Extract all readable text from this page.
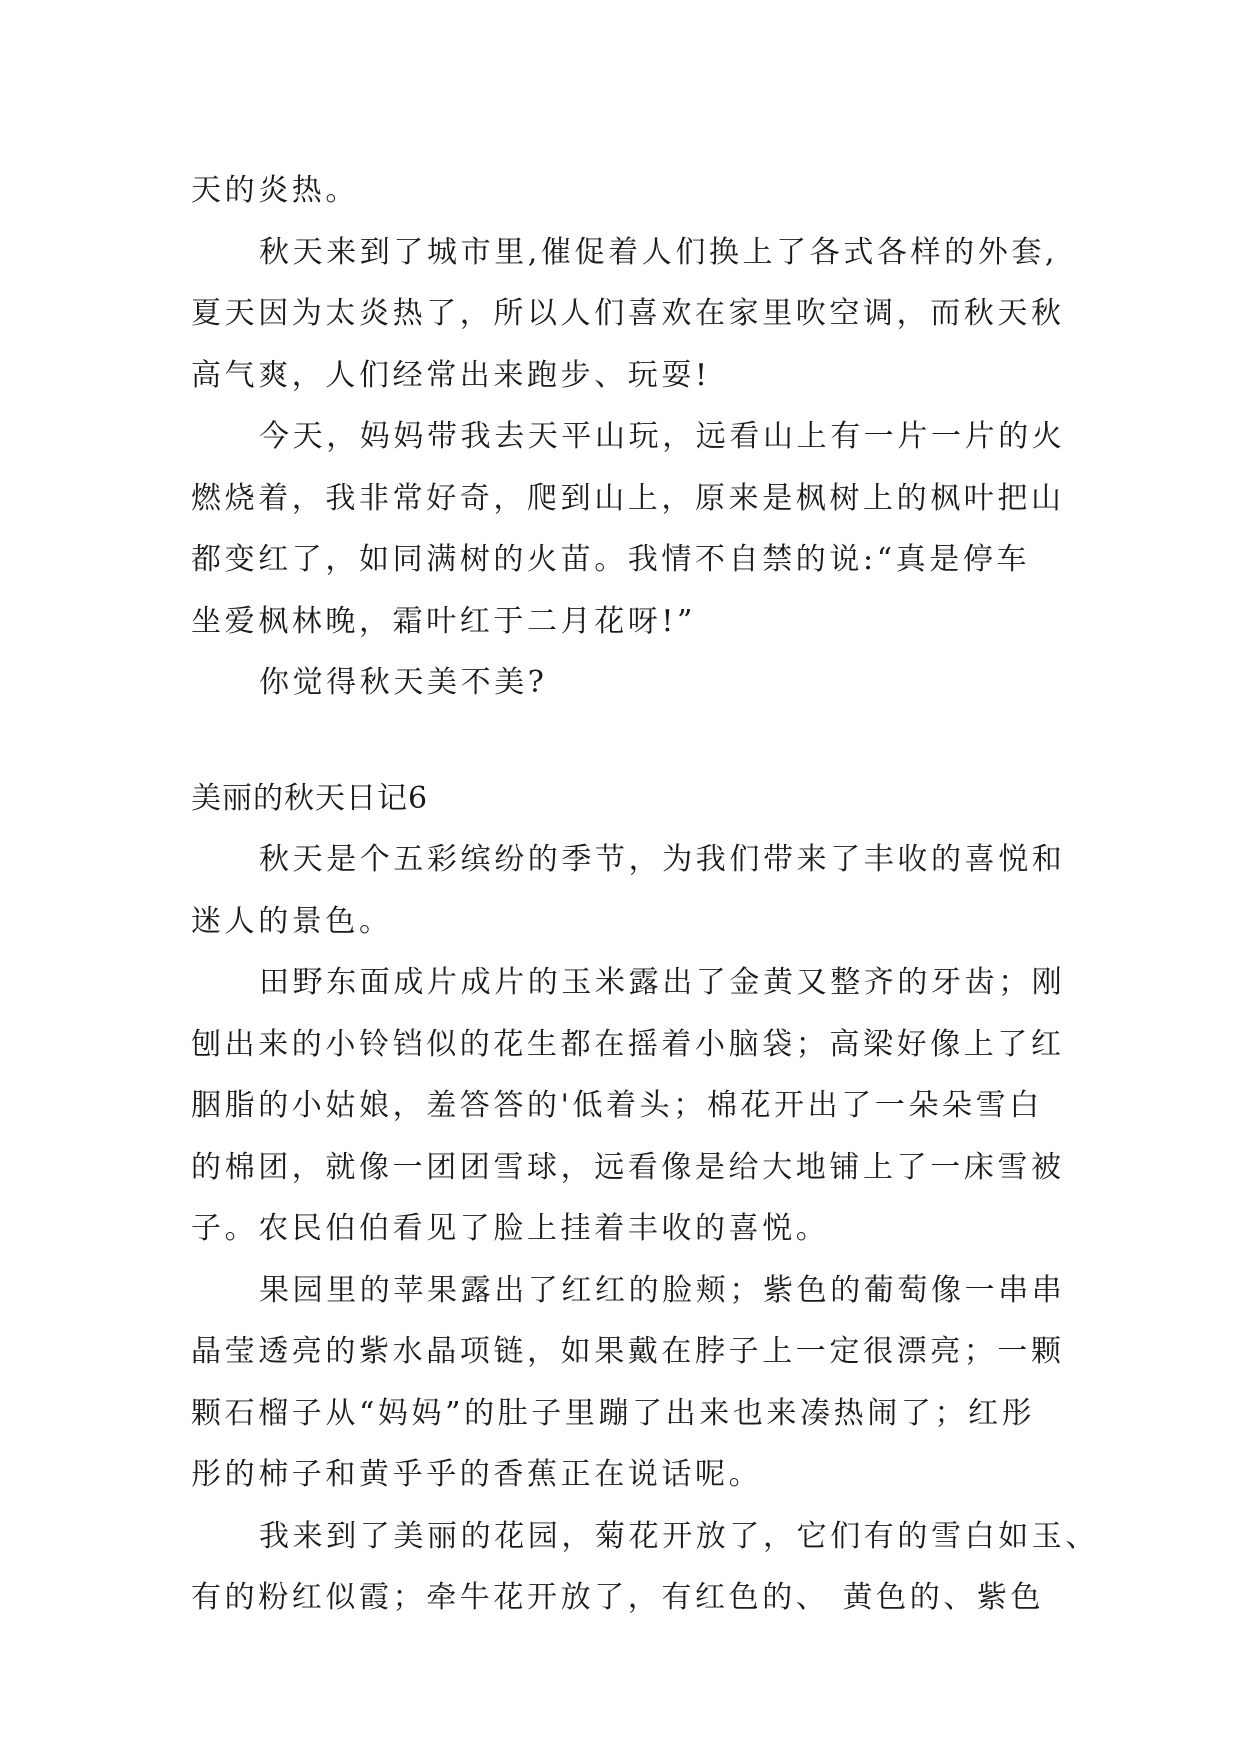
天的炎热。
秋天来到了城市里,催促着人们换上了各式各样的外套,
夏天因为太炎热了，所以人们喜欢在家里吹空调，而秋天秋
高气爽，人们经常出来跑步、玩耍!
今天，妈妈带我去天平山玩，远看山上有一片一片的火
燃烧着，我非常好奇，爬到山上，原来是枫树上的枫叶把山
都变红了，如同满树的火苗。我情不自禁的说:“真是停车
坐爱枫林晚，霜叶红于二月花呀!”
你觉得秋天美不美?
美丽的秋天日记6
秋天是个五彩缤纷的季节，为我们带来了丰收的喜悦和
迷人的景色。
田野东面成片成片的玉米露出了金黄又整齐的牙齿；刚
刨出来的小铃铛似的花生都在摇着小脑袋；高梁好像上了红
胭脂的小姑娘，羞答答的'低着头；棉花开出了一朵朵雪白
的棉团，就像一团团雪球，远看像是给大地铺上了一床雪被
子。农民伯伯看见了脸上挂着丰收的喜悦。
果园里的苹果露出了红红的脸颊；紫色的葡萄像一串串
晶莹透亮的紫水晶项链，如果戴在脖子上一定很漂亮；一颗
颗石榴子从“妈妈”的肚子里蹦了出来也来凑热闹了；红彤
彤的柿子和黄乎乎的香蕉正在说话呢。
我来到了美丽的花园，菊花开放了，它们有的雪白如玉、
有的粉红似霞；牵牛花开放了，有红色的、 黄色的、紫色
